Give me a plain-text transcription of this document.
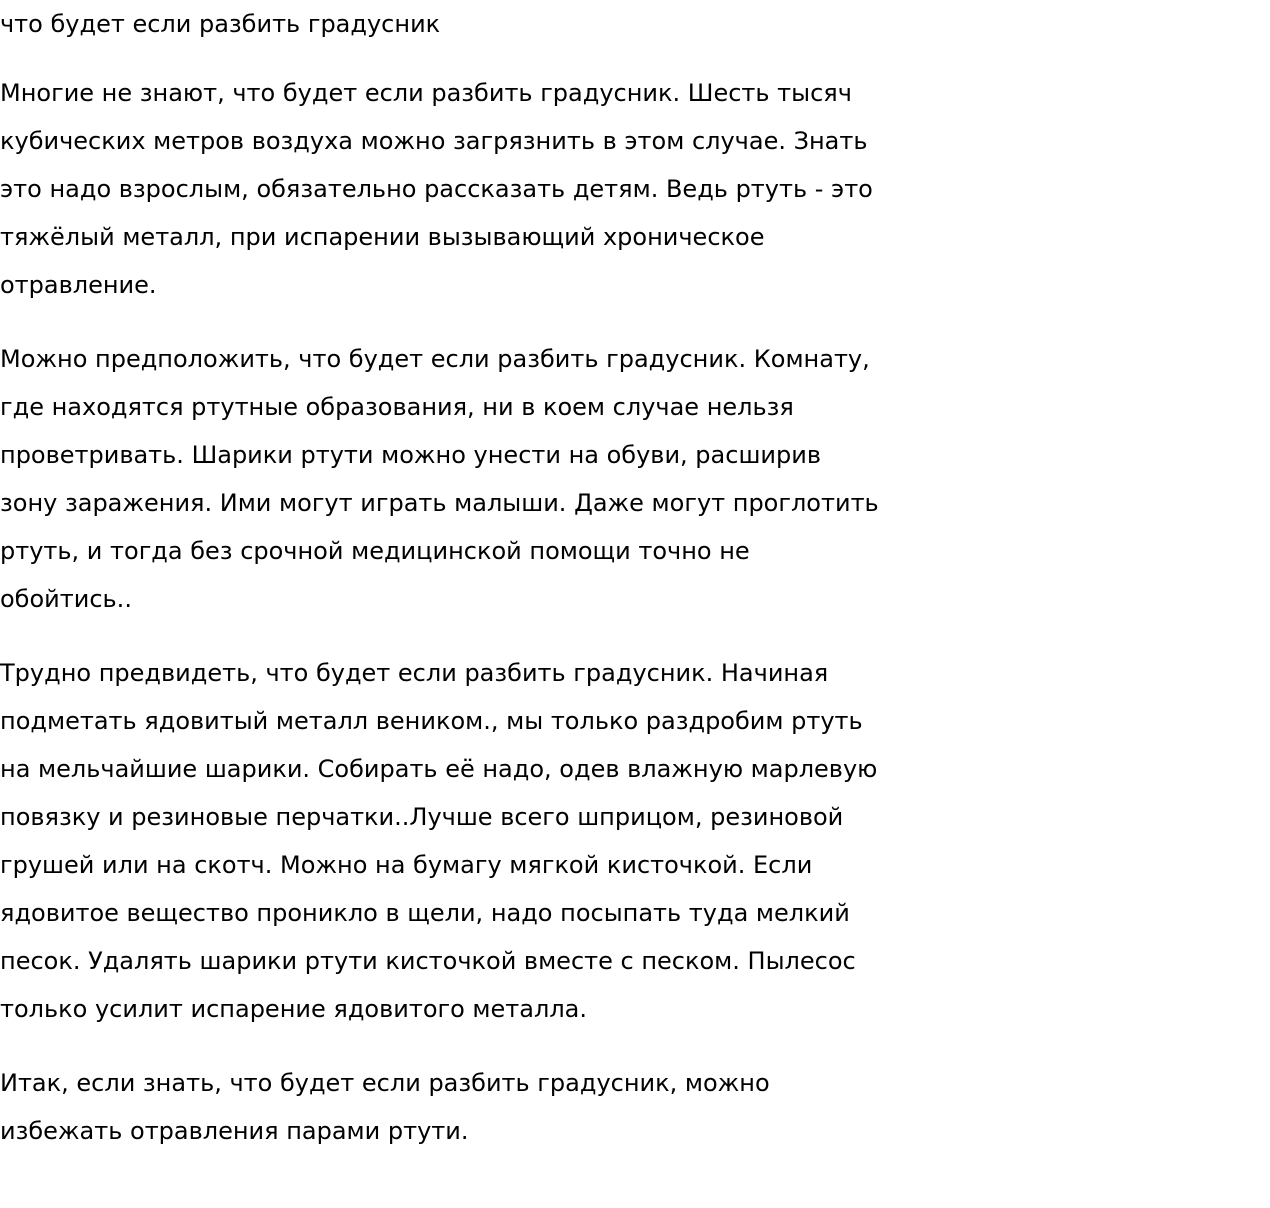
что будет если разбить градусник

Многие не знают, что будет если разбить градусник. Шесть тысяч кубических метров воздуха можно загрязнить в этом случае. Знать это надо взрослым, обязательно рассказать детям. Ведь ртуть - это тяжёлый металл, при испарении вызывающий хроническое отравление.

Можно предположить, что будет если разбить градусник. Комнату, где находятся ртутные образования, ни в коем случае нельзя проветривать. Шарики ртути можно унести на обуви, расширив зону заражения. Ими могут играть малыши. Даже могут проглотить ртуть, и тогда без срочной медицинской помощи точно не обойтись..

Трудно предвидеть, что будет если разбить градусник. Начиная подметать ядовитый металл веником., мы только раздробим ртуть на мельчайшие шарики. Собирать её надо, одев влажную марлевую повязку и резиновые перчатки..Лучше всего шприцом, резиновой грушей или на скотч. Можно на бумагу мягкой кисточкой. Если ядовитое вещество проникло в щели, надо посыпать туда мелкий песок. Удалять шарики ртути кисточкой вместе с песком. Пылесос только усилит испарение ядовитого металла.

Итак, если знать, что будет если разбить градусник, можно избежать отравления парами ртути.
